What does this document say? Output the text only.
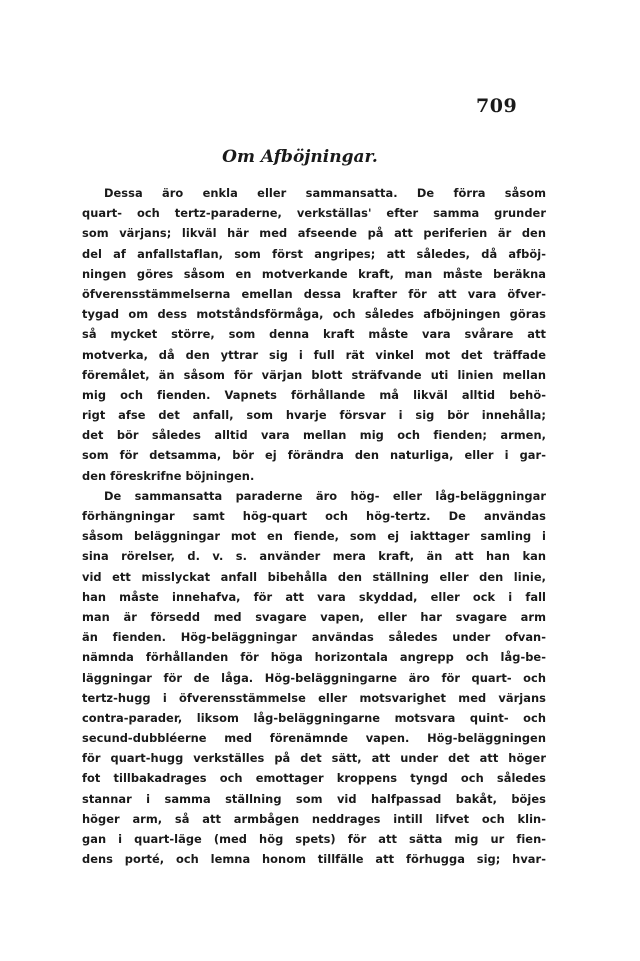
709
Om Afböjningar.
Dessa äro enkla eller sammansatta. De förra såsom
quart- och tertz-paraderne, verkställas' efter samma grunder
som värjans; likväl här med afseende på att periferien är den
del af anfallstaflan, som först angripes; att således, då afböj-
ningen göres såsom en motverkande kraft, man måste beräkna
öfverensstämmelserna emellan dessa krafter för att vara öfver-
tygad om dess motståndsförmåga, och således afböjningen göras
så mycket större, som denna kraft måste vara svårare att
motverka, då den yttrar sig i full rät vinkel mot det träffade
föremålet, än såsom för värjan blott sträfvande uti linien mellan
mig och fienden. Vapnets förhållande må likväl alltid behö-
rigt afse det anfall, som hvarje försvar i sig bör innehålla;
det bör således alltid vara mellan mig och fienden; armen,
som för detsamma, bör ej förändra den naturliga, eller i gar-
den föreskrifne böjningen.
De sammansatta paraderne äro hög- eller låg-beläggningar
förhängningar samt hög-quart och hög-tertz. De användas
såsom beläggningar mot en fiende, som ej iakttager samling i
sina rörelser, d. v. s. använder mera kraft, än att han kan
vid ett misslyckat anfall bibehålla den ställning eller den linie,
han måste innehafva, för att vara skyddad, eller ock i fall
man är försedd med svagare vapen, eller har svagare arm
än fienden. Hög-beläggningar användas således under ofvan-
nämnda förhållanden för höga horizontala angrepp och låg-be-
läggningar för de låga. Hög-beläggningarne äro för quart- och
tertz-hugg i öfverensstämmelse eller motsvarighet med värjans
contra-parader, liksom låg-beläggningarne motsvara quint- och
secund-dubbléerne med förenämnde vapen. Hög-beläggningen
för quart-hugg verkställes på det sätt, att under det att höger
fot tillbakadrages och emottager kroppens tyngd och således
stannar i samma ställning som vid halfpassad bakåt, böjes
höger arm, så att armbågen neddrages intill lifvet och klin-
gan i quart-läge (med hög spets) för att sätta mig ur fien-
dens porté, och lemna honom tillfälle att förhugga sig; hvar-
